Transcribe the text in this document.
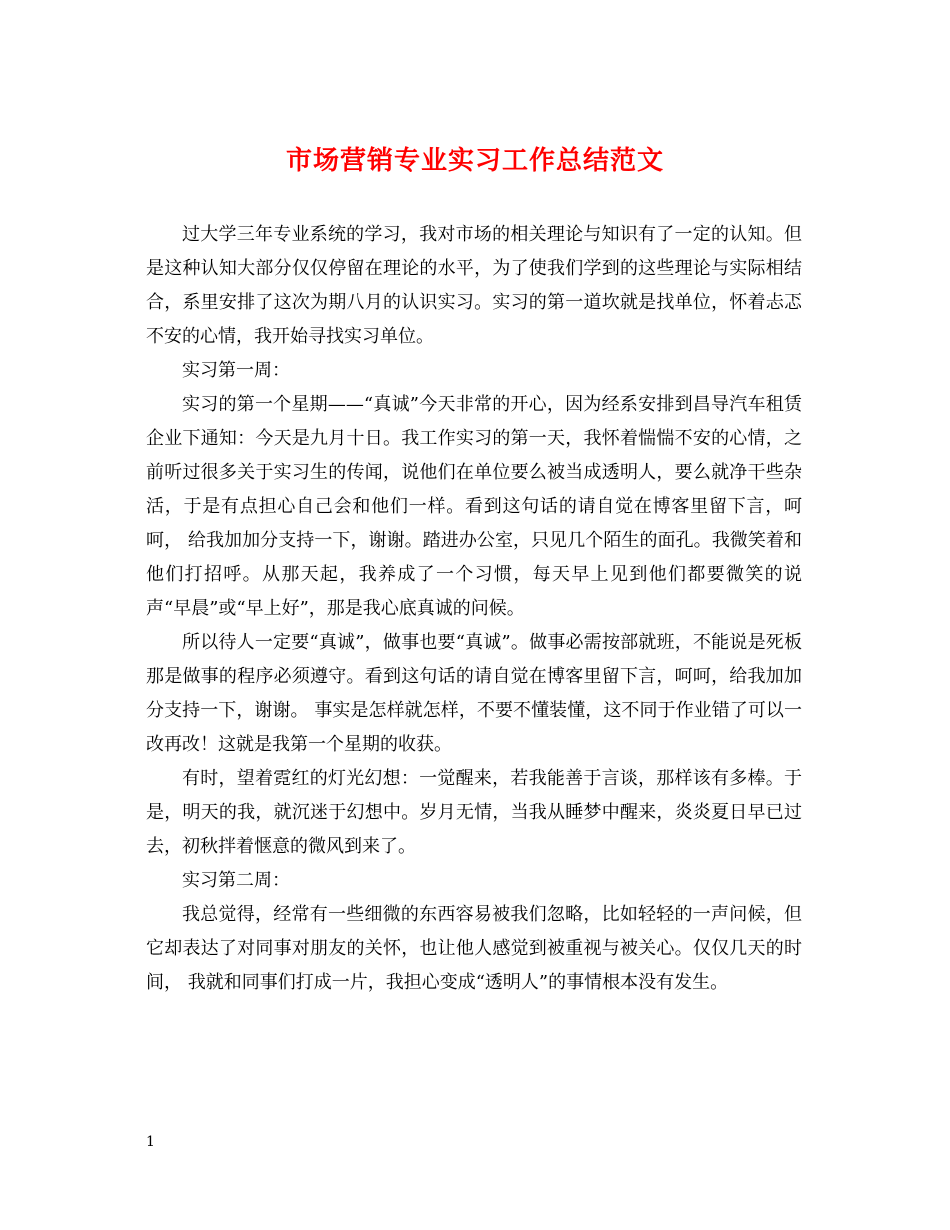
市场营销专业实习工作总结范文

过大学三年专业系统的学习，我对市场的相关理论与知识有了一定的认知。但是这种认知大部分仅仅停留在理论的水平，为了使我们学到的这些理论与实际相结合，系里安排了这次为期八月的认识实习。实习的第一道坎就是找单位，怀着忐忑不安的心情，我开始寻找实习单位。

实习第一周：

实习的第一个星期——“真诚”今天非常的开心，因为经系安排到昌导汽车租赁企业下通知：今天是九月十日。我工作实习的第一天，我怀着惴惴不安的心情，之前听过很多关于实习生的传闻，说他们在单位要么被当成透明人，要么就净干些杂活，于是有点担心自己会和他们一样。看到这句话的请自觉在博客里留下言，呵呵， 给我加加分支持一下，谢谢。踏进办公室，只见几个陌生的面孔。我微笑着和他们打招呼。从那天起，我养成了一个习惯，每天早上见到他们都要微笑的说声“早晨”或“早上好”，那是我心底真诚的问候。

所以待人一定要“真诚”，做事也要“真诚”。做事必需按部就班，不能说是死板那是做事的程序必须遵守。看到这句话的请自觉在博客里留下言，呵呵，给我加加分支持一下，谢谢。 事实是怎样就怎样，不要不懂装懂，这不同于作业错了可以一改再改！这就是我第一个星期的收获。

有时，望着霓红的灯光幻想：一觉醒来，若我能善于言谈，那样该有多棒。于是，明天的我，就沉迷于幻想中。岁月无情，当我从睡梦中醒来，炎炎夏日早已过去，初秋拌着惬意的微风到来了。

实习第二周：

我总觉得，经常有一些细微的东西容易被我们忽略，比如轻轻的一声问候，但它却表达了对同事对朋友的关怀，也让他人感觉到被重视与被关心。仅仅几天的时间， 我就和同事们打成一片，我担心变成“透明人”的事情根本没有发生。

1
